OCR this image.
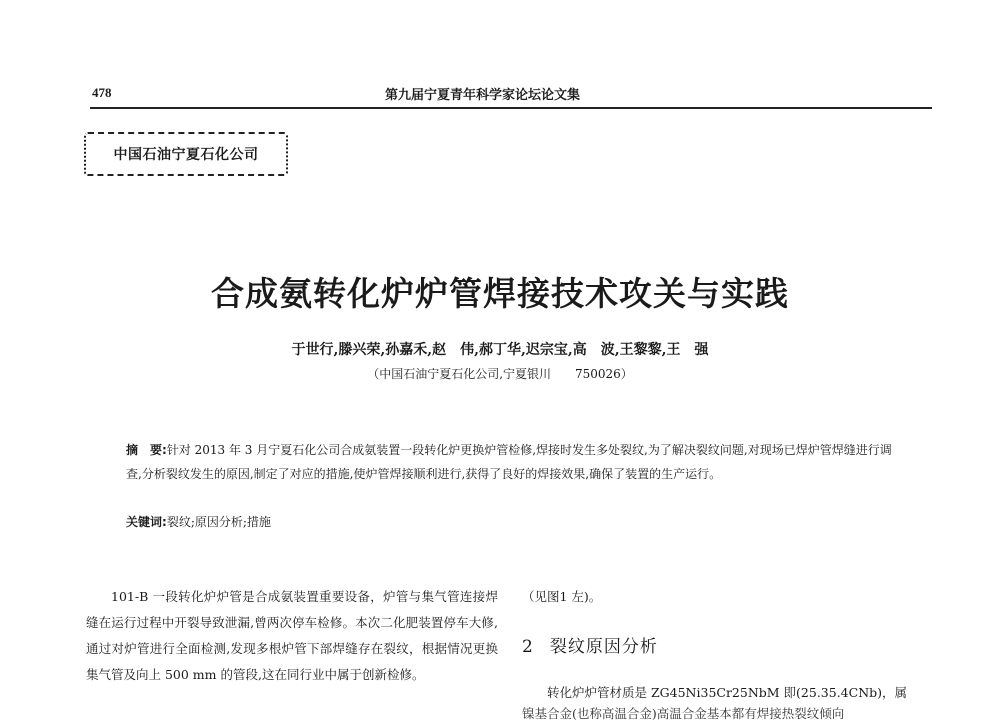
478	第九届宁夏青年科学家论坛论文集
中国石油宁夏石化公司
合成氨转化炉炉管焊接技术攻关与实践
于世行,滕兴荣,孙嘉禾,赵　伟,郝丁华,迟宗宝,高　波,王黎黎,王　强
（中国石油宁夏石化公司,宁夏银川　　750026）
摘　要:针对 2013 年 3 月宁夏石化公司合成氨装置一段转化炉更换炉管检修,焊接时发生多处裂纹,为了解决裂纹问题,对现场已焊炉管焊缝进行调查,分析裂纹发生的原因,制定了对应的措施,使炉管焊接顺利进行,获得了良好的焊接效果,确保了装置的生产运行。
关键词:裂纹;原因分析;措施

101-B 一段转化炉炉管是合成氨装置重要设备，炉管与集气管连接焊缝在运行过程中开裂导致泄漏,曾两次停车检修。本次二化肥装置停车大修,通过对炉管进行全面检测,发现多根炉管下部焊缝存在裂纹，根据情况更换集气管及向上 500 mm 的管段,这在同行业中属于创新检修。

（见图1 左)。
2 裂纹原因分析
转化炉炉管材质是 ZG45Ni35Cr25NbM 即(25.35.4CNb)，属
镍基合金(也称高温合金)高温合金基本都有焊接热裂纹倾向
